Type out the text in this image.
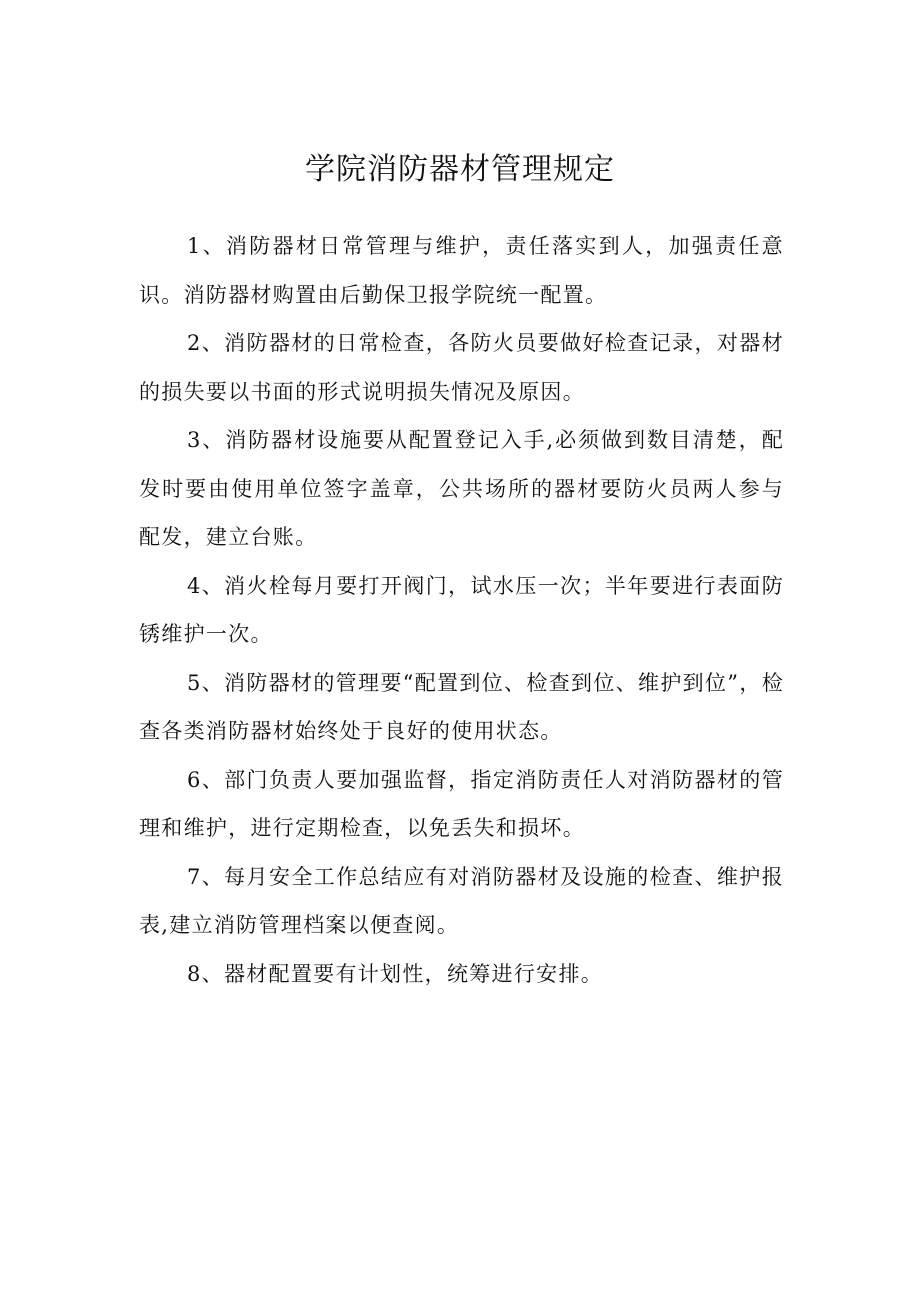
学院消防器材管理规定

1、消防器材日常管理与维护，责任落实到人，加强责任意识。消防器材购置由后勤保卫报学院统一配置。

2、消防器材的日常检查，各防火员要做好检查记录，对器材的损失要以书面的形式说明损失情况及原因。

3、消防器材设施要从配置登记入手,必须做到数目清楚，配发时要由使用单位签字盖章，公共场所的器材要防火员两人参与配发，建立台账。

4、消火栓每月要打开阀门，试水压一次；半年要进行表面防锈维护一次。

5、消防器材的管理要“配置到位、检查到位、维护到位”，检查各类消防器材始终处于良好的使用状态。

6、部门负责人要加强监督，指定消防责任人对消防器材的管理和维护，进行定期检查，以免丢失和损坏。

7、每月安全工作总结应有对消防器材及设施的检查、维护报表,建立消防管理档案以便查阅。

8、器材配置要有计划性，统筹进行安排。
